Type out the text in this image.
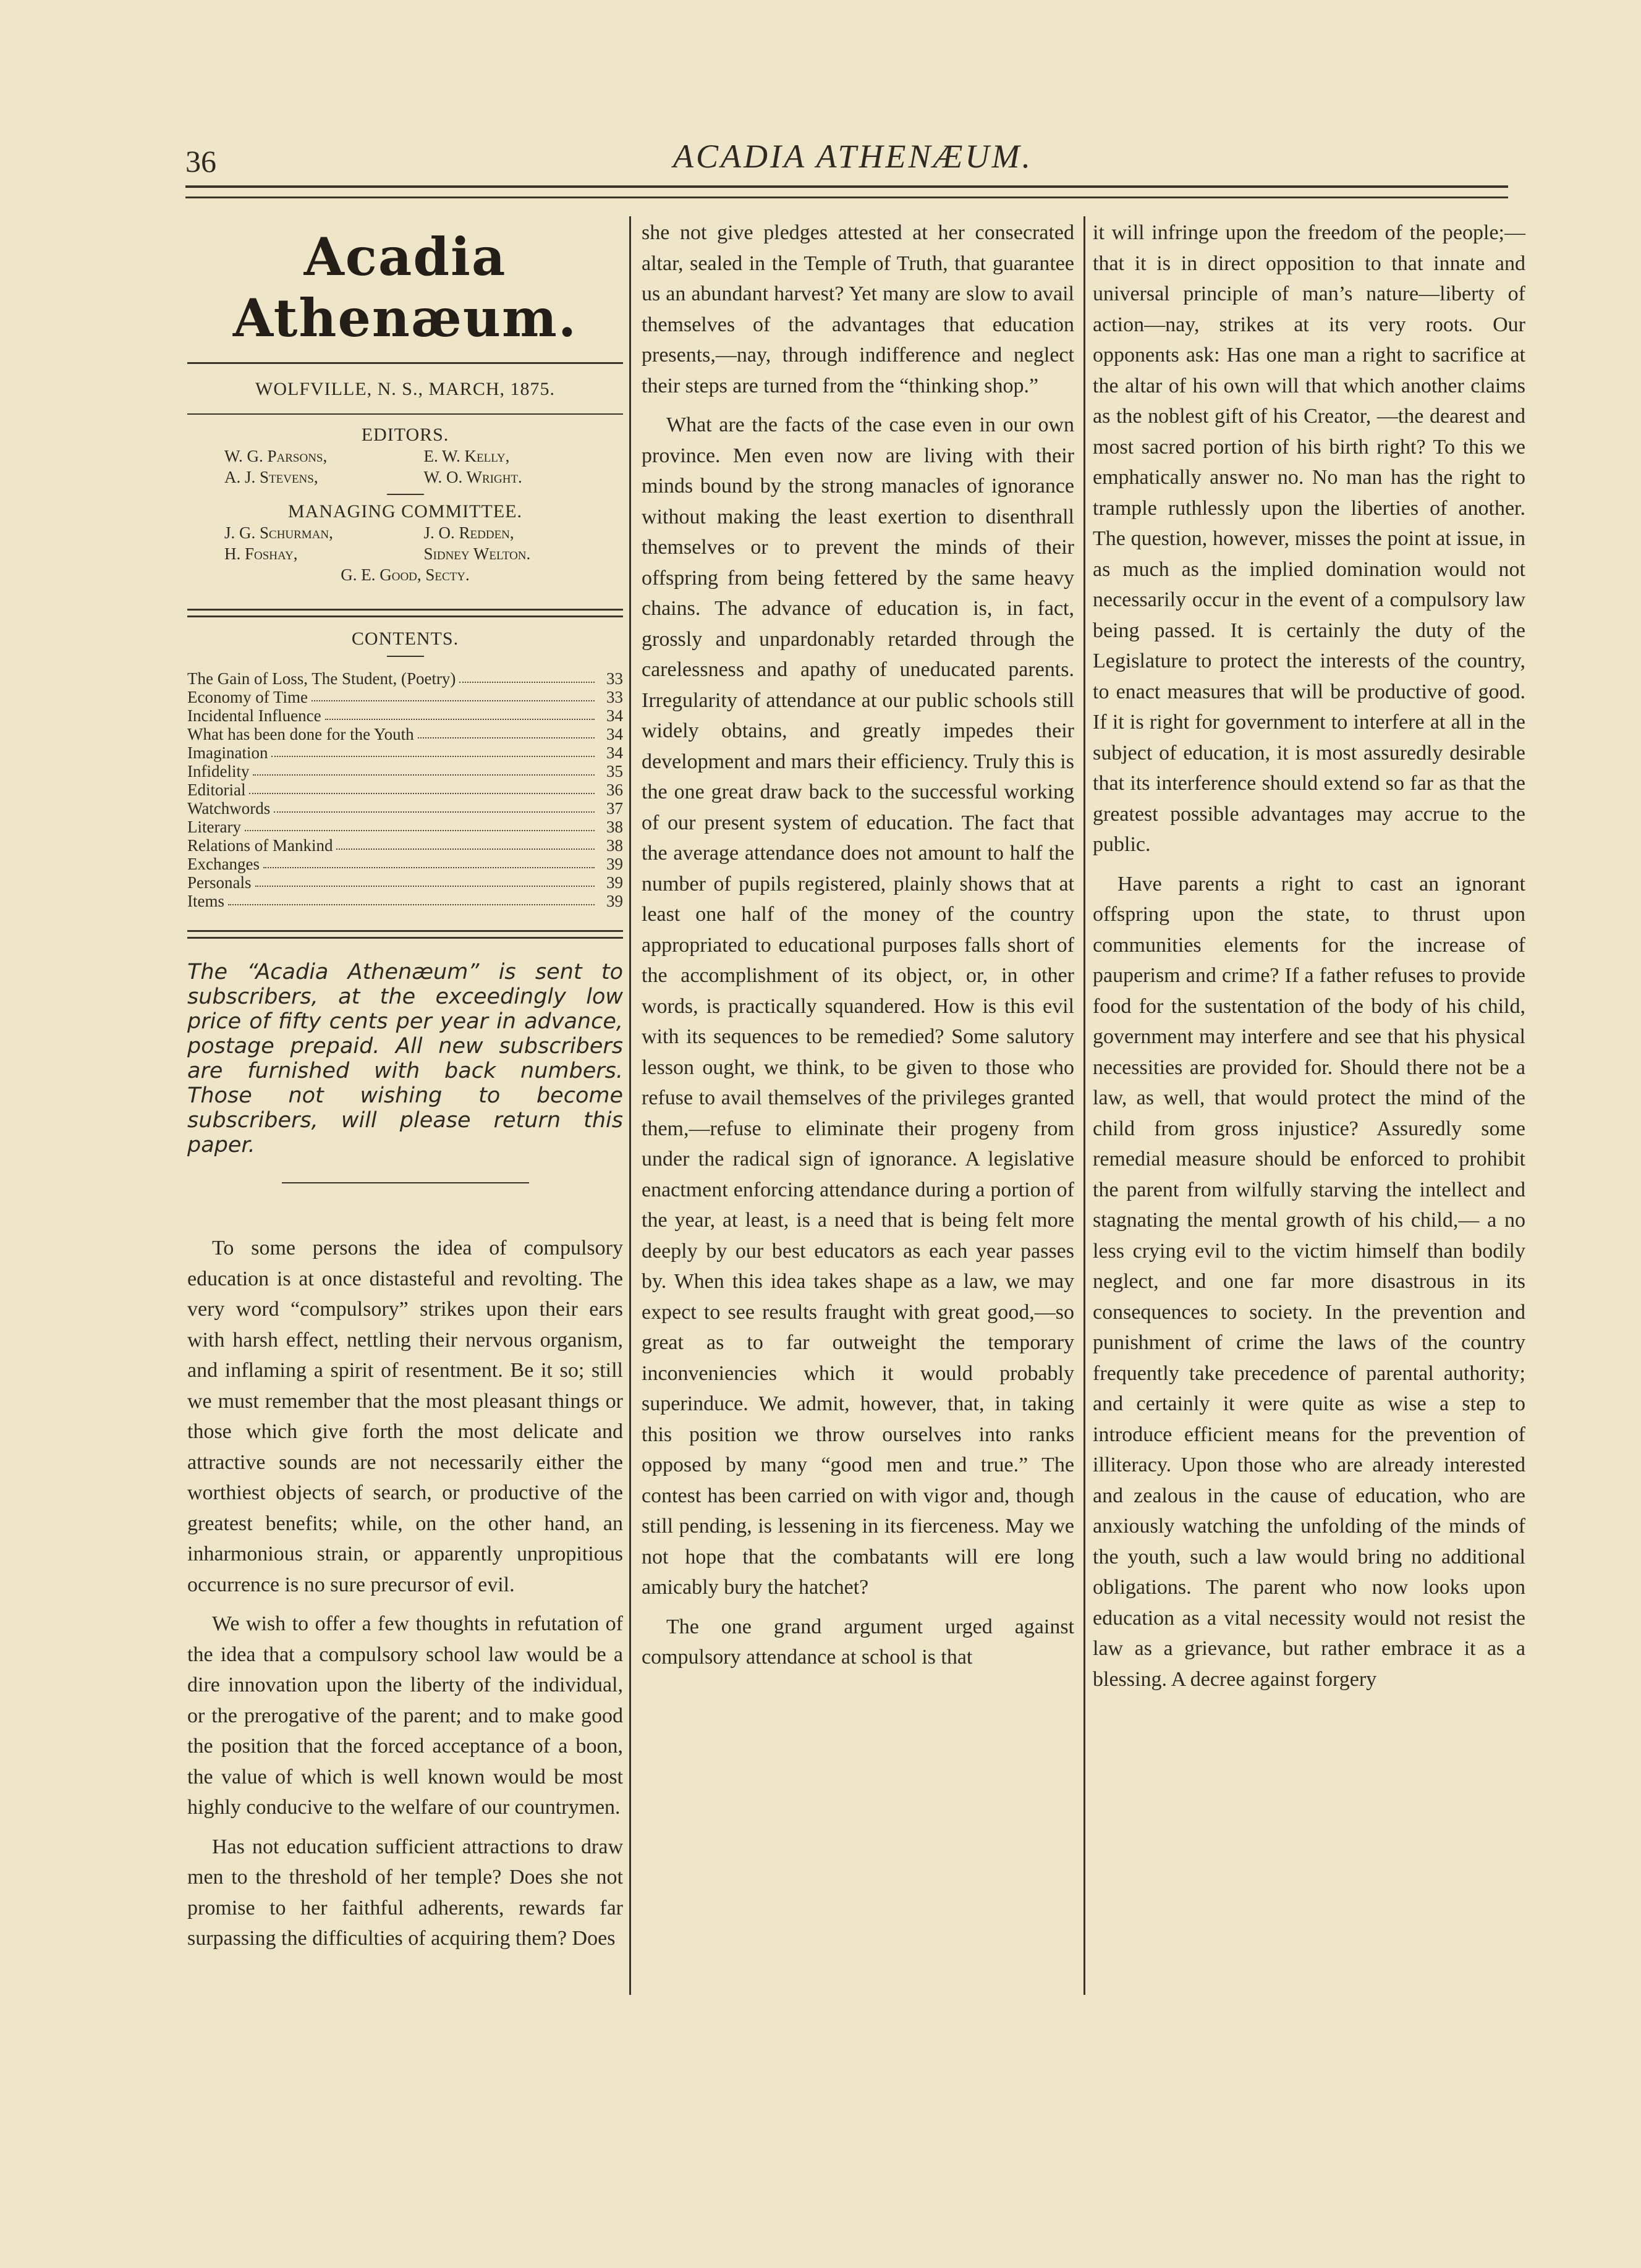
36	ACADIA ATHENÆUM.
Acadia Athenæum.
WOLFVILLE, N. S., MARCH, 1875.
EDITORS.
W. G. Parsons,	E. W. Kelly,
A. J. Stevens,	W. O. Wright.
MANAGING COMMITTEE.
J. G. Schurman,	J. O. Redden,
H. Foshay,	Sidney Welton.
G. E. Good, Secty.
CONTENTS.
The Gain of Loss, The Student, (Poetry)	33
Economy of Time	33
Incidental Influence	34
What has been done for the Youth	34
Imagination	34
Infidelity	35
Editorial	36
Watchwords	37
Literary	38
Relations of Mankind	38
Exchanges	39
Personals	39
Items	39
The “Acadia Athenæum” is sent to subscribers, at the exceedingly low price of fifty cents per year in advance, postage prepaid. All new subscribers are furnished with back numbers. Those not wishing to become subscribers, will please return this paper.

To some persons the idea of compulsory education is at once distasteful and revolting. The very word “compulsory” strikes upon their ears with harsh effect, nettling their nervous organism, and inflaming a spirit of resentment. Be it so; still we must remember that the most pleasant things or those which give forth the most delicate and attractive sounds are not necessarily either the worthiest objects of search, or productive of the greatest benefits; while, on the other hand, an inharmonious strain, or apparently unpropitious occurrence is no sure precursor of evil.

We wish to offer a few thoughts in refutation of the idea that a compulsory school law would be a dire innovation upon the liberty of the individual, or the prerogative of the parent; and to make good the position that the forced acceptance of a boon, the value of which is well known would be most highly conducive to the welfare of our countrymen.

Has not education sufficient attractions to draw men to the threshold of her temple? Does she not promise to her faithful adherents, rewards far surpassing the difficulties of acquiring them? Does

she not give pledges attested at her consecrated altar, sealed in the Temple of Truth, that guarantee us an abundant harvest? Yet many are slow to avail themselves of the advantages that education presents,—nay, through indifference and neglect their steps are turned from the “thinking shop.”

What are the facts of the case even in our own province. Men even now are living with their minds bound by the strong manacles of ignorance without making the least exertion to disenthrall themselves or to prevent the minds of their offspring from being fettered by the same heavy chains. The advance of education is, in fact, grossly and unpardonably retarded through the carelessness and apathy of uneducated parents. Irregularity of attendance at our public schools still widely obtains, and greatly impedes their development and mars their efficiency. Truly this is the one great draw back to the successful working of our present system of education. The fact that the average attendance does not amount to half the number of pupils registered, plainly shows that at least one half of the money of the country appropriated to educational purposes falls short of the accomplishment of its object, or, in other words, is practically squandered. How is this evil with its sequences to be remedied? Some salutory lesson ought, we think, to be given to those who refuse to avail themselves of the privileges granted them,—refuse to eliminate their progeny from under the radical sign of ignorance. A legislative enactment enforcing attendance during a portion of the year, at least, is a need that is being felt more deeply by our best educators as each year passes by. When this idea takes shape as a law, we may expect to see results fraught with great good,—so great as to far outweight the temporary inconveniencies which it would probably superinduce. We admit, however, that, in taking this position we throw ourselves into ranks opposed by many “good men and true.” The contest has been carried on with vigor and, though still pending, is lessening in its fierceness. May we not hope that the combatants will ere long amicably bury the hatchet?

The one grand argument urged against compulsory attendance at school is that

it will infringe upon the freedom of the people;—that it is in direct opposition to that innate and universal principle of man’s nature—liberty of action—nay, strikes at its very roots. Our opponents ask: Has one man a right to sacrifice at the altar of his own will that which another claims as the noblest gift of his Creator, —the dearest and most sacred portion of his birth right? To this we emphatically answer no. No man has the right to trample ruthlessly upon the liberties of another. The question, however, misses the point at issue, in as much as the implied domination would not necessarily occur in the event of a compulsory law being passed. It is certainly the duty of the Legislature to protect the interests of the country, to enact measures that will be productive of good. If it is right for government to interfere at all in the subject of education, it is most assuredly desirable that its interference should extend so far as that the greatest possible advantages may accrue to the public.

Have parents a right to cast an ignorant offspring upon the state, to thrust upon communities elements for the increase of pauperism and crime? If a father refuses to provide food for the sustentation of the body of his child, government may interfere and see that his physical necessities are provided for. Should there not be a law, as well, that would protect the mind of the child from gross injustice? Assuredly some remedial measure should be enforced to prohibit the parent from wilfully starving the intellect and stagnating the mental growth of his child,— a no less crying evil to the victim himself than bodily neglect, and one far more disastrous in its consequences to society. In the prevention and punishment of crime the laws of the country frequently take precedence of parental authority; and certainly it were quite as wise a step to introduce efficient means for the prevention of illiteracy. Upon those who are already interested and zealous in the cause of education, who are anxiously watching the unfolding of the minds of the youth, such a law would bring no additional obligations. The parent who now looks upon education as a vital necessity would not resist the law as a grievance, but rather embrace it as a blessing. A decree against forgery
